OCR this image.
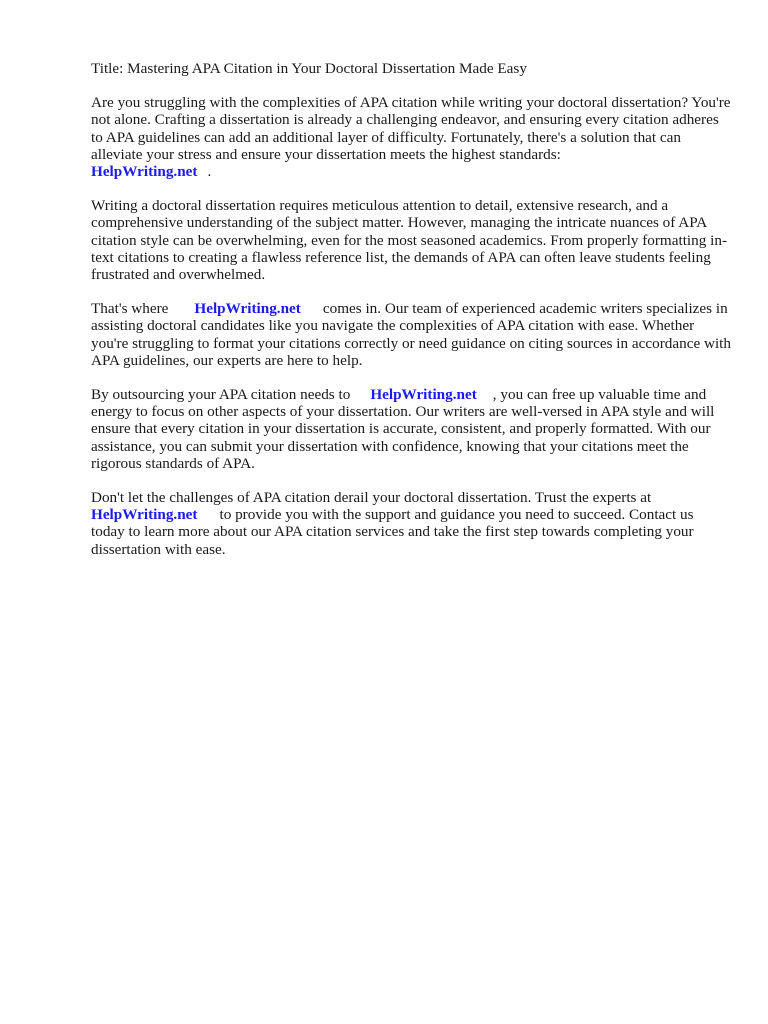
Title: Mastering APA Citation in Your Doctoral Dissertation Made Easy

Are you struggling with the complexities of APA citation while writing your doctoral dissertation? You're not alone. Crafting a dissertation is already a challenging endeavor, and ensuring every citation adheres to APA guidelines can add an additional layer of difficulty. Fortunately, there's a solution that can alleviate your stress and ensure your dissertation meets the highest standards:
HelpWriting.net .

Writing a doctoral dissertation requires meticulous attention to detail, extensive research, and a comprehensive understanding of the subject matter. However, managing the intricate nuances of APA citation style can be overwhelming, even for the most seasoned academics. From properly formatting in-text citations to creating a flawless reference list, the demands of APA can often leave students feeling frustrated and overwhelmed.

That's where HelpWriting.net comes in. Our team of experienced academic writers specializes in assisting doctoral candidates like you navigate the complexities of APA citation with ease. Whether you're struggling to format your citations correctly or need guidance on citing sources in accordance with APA guidelines, our experts are here to help.

By outsourcing your APA citation needs to HelpWriting.net , you can free up valuable time and energy to focus on other aspects of your dissertation. Our writers are well-versed in APA style and will ensure that every citation in your dissertation is accurate, consistent, and properly formatted. With our assistance, you can submit your dissertation with confidence, knowing that your citations meet the rigorous standards of APA.

Don't let the challenges of APA citation derail your doctoral dissertation. Trust the experts at
HelpWriting.net to provide you with the support and guidance you need to succeed. Contact us today to learn more about our APA citation services and take the first step towards completing your dissertation with ease.
